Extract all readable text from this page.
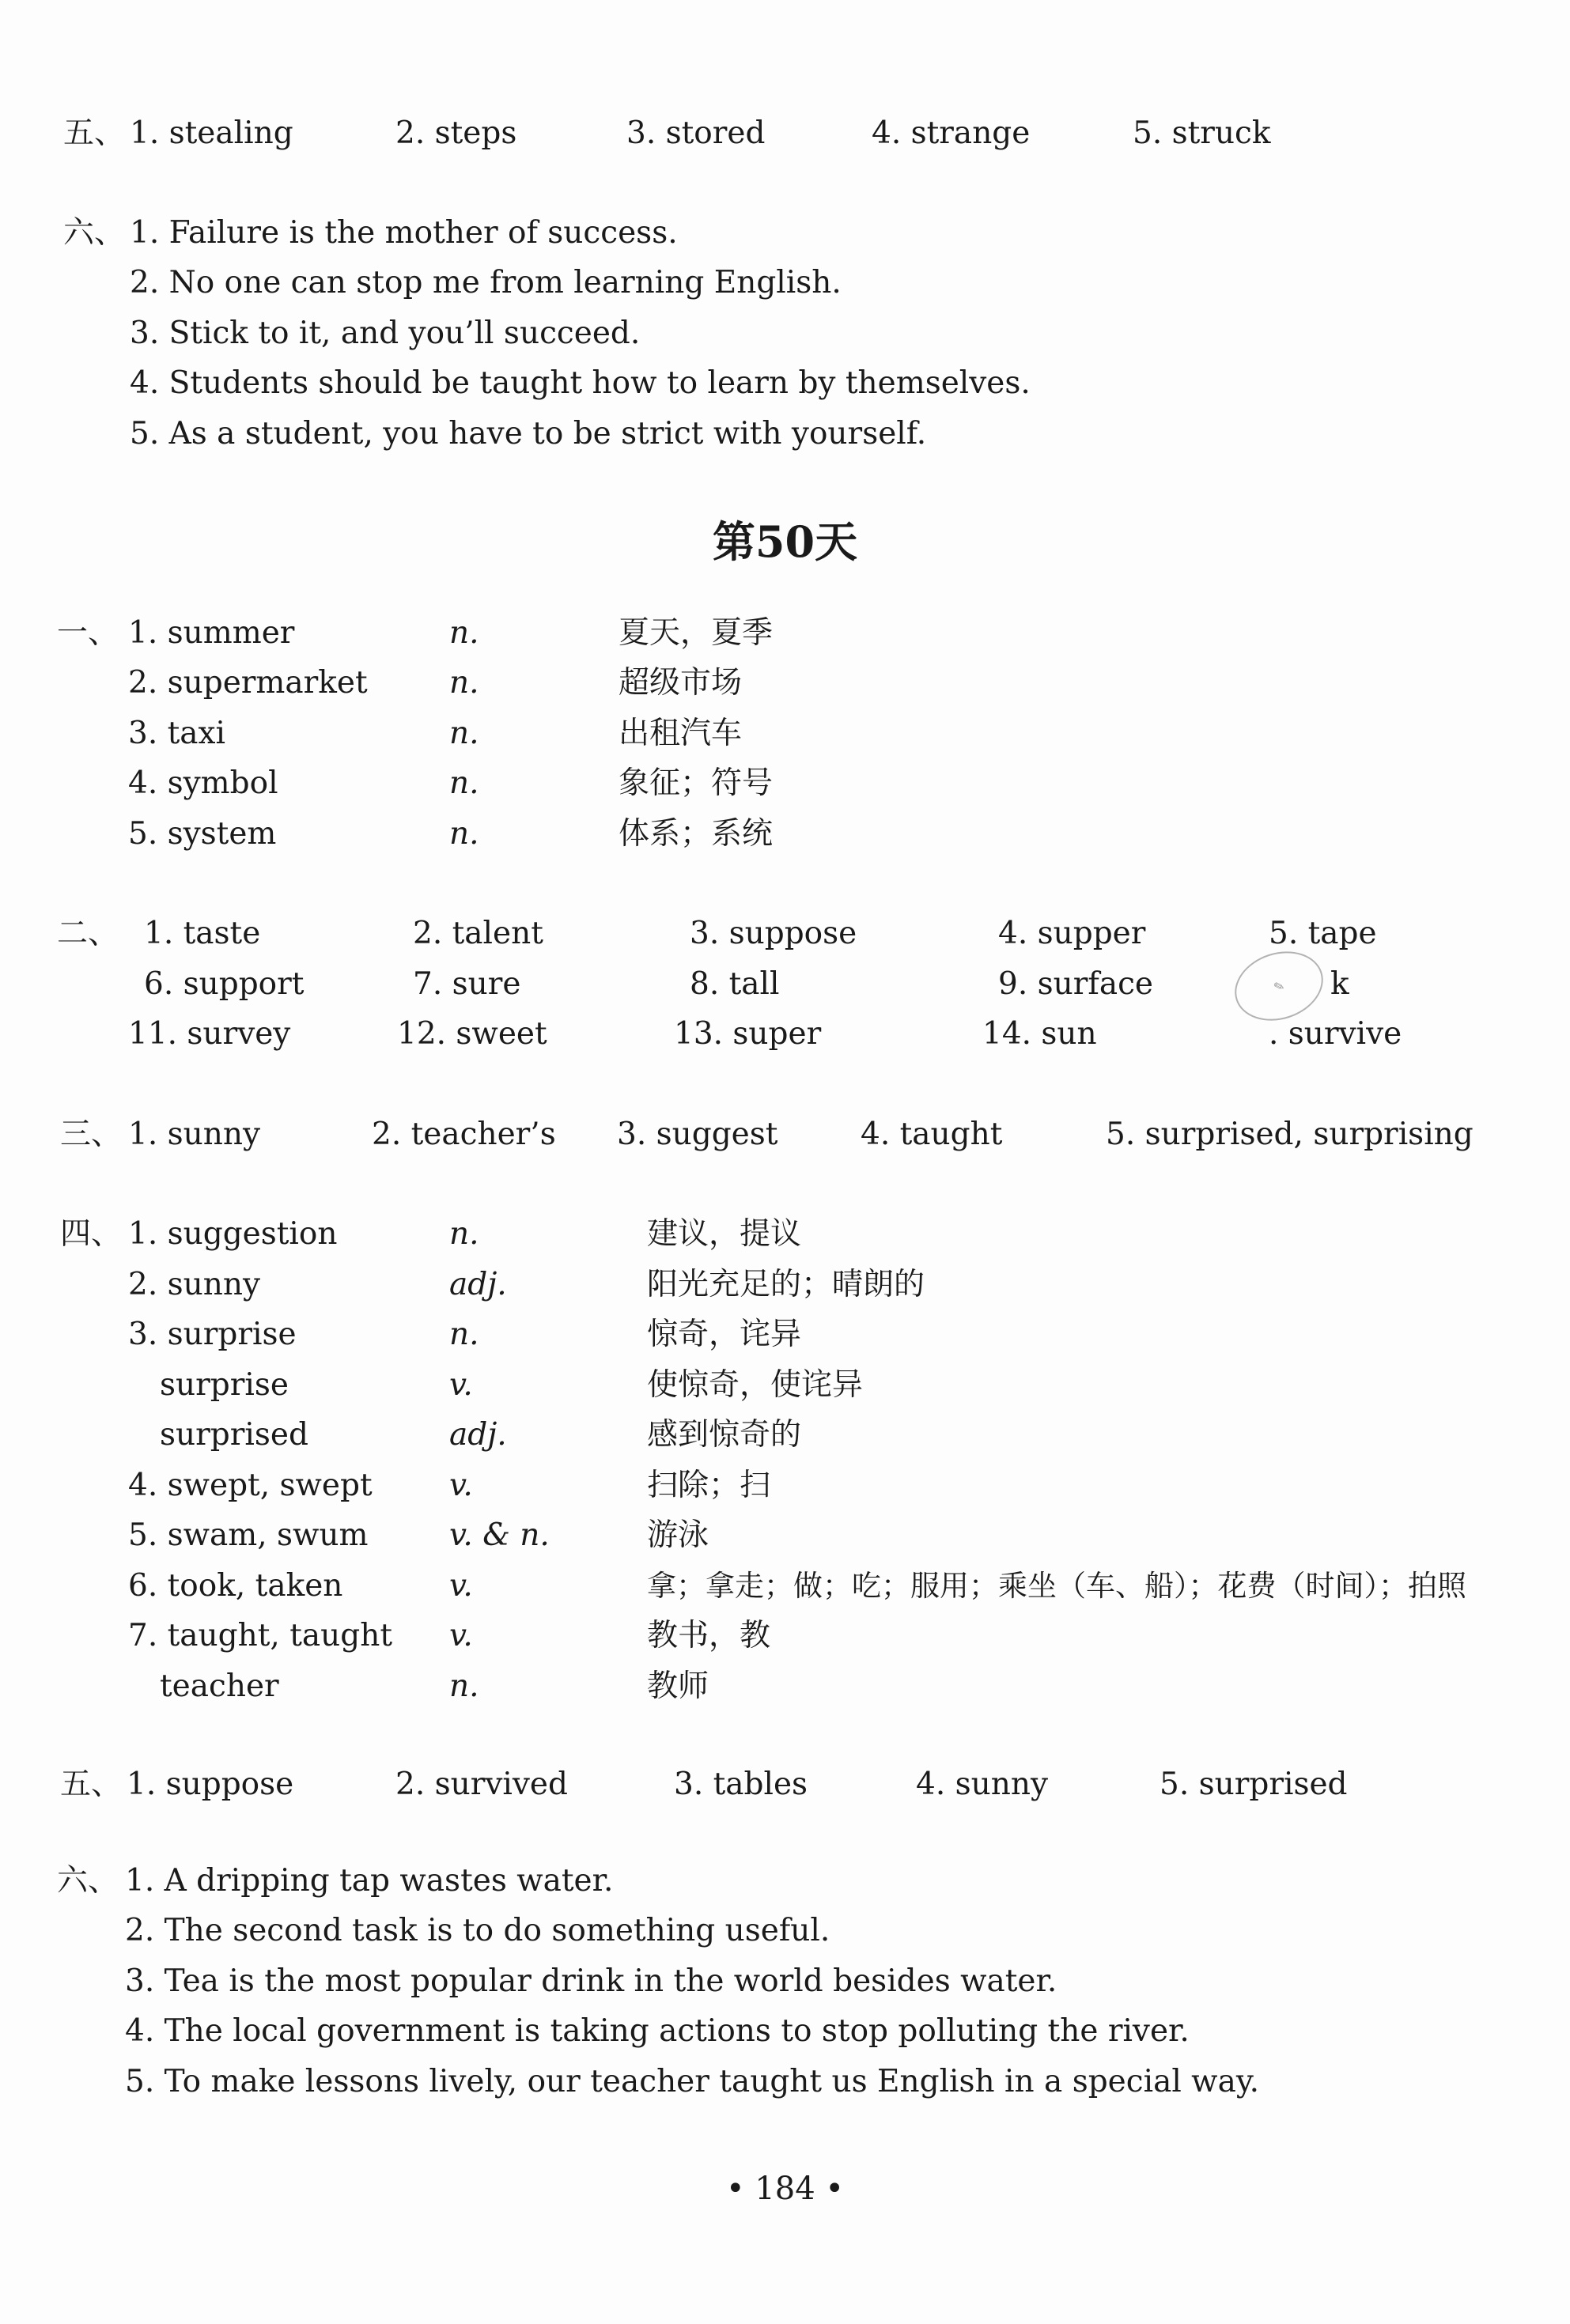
五、 1. stealing	2. steps	3. stored	4. strange	5. struck
六、 1. Failure is the mother of success.
2. No one can stop me from learning English.
3. Stick to it, and you’ll succeed.
4. Students should be taught how to learn by themselves.
5. As a student, you have to be strict with yourself.
第50天
一、 1. summer	n.	夏天，夏季
2. supermarket	n.	超级市场
3. taxi	n.	出租汽车
4. symbol	n.	象征；符号
5. system	n.	体系；系统
二、 1. taste	2. talent	3. suppose	4. supper	5. tape
6. support	7. sure	8. tall	9. surface	k
11. survey	12. sweet	13. super	14. sun	. survive
✎
三、 1. sunny	2. teacher’s 3. suggest	4. taught	5. surprised, surprising
四、 1. suggestion	n.	建议，提议
2. sunny	adj.	阳光充足的；晴朗的
3. surprise	n.	惊奇，诧异
surprise	v.	使惊奇，使诧异
surprised	adj.	感到惊奇的
4. swept, swept v.	扫除；扫
5. swam, swum	v. & n.	游泳
6. took, taken	v.	拿；拿走；做；吃；服用；乘坐（车、船）；花费（时间）；拍照
7. taught, taught v.	教书，教
teacher	n.	教师
五、 1. suppose	2. survived	3. tables	4. sunny	5. surprised
六、 1. A dripping tap wastes water.
2. The second task is to do something useful.
3. Tea is the most popular drink in the world besides water.
4. The local government is taking actions to stop polluting the river.
5. To make lessons lively, our teacher taught us English in a special way.
• 184 •
